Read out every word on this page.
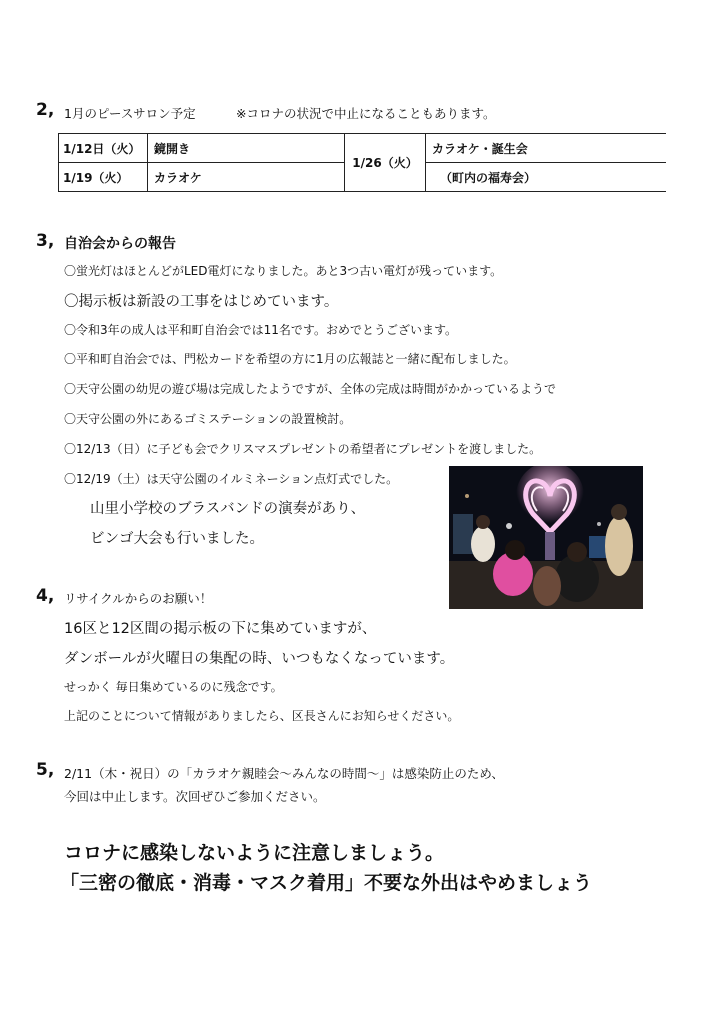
2, 1月のピースサロン予定	※コロナの状況で中止になることもあります。
1/12日（火）	鏡開き	1/26（火）	カラオケ・誕生会
1/19（火）	カラオケ		（町内の福寿会）
3, 自治会からの報告
〇蛍光灯はほとんどがLED電灯になりました。あと3つ古い電灯が残っています。
〇掲示板は新設の工事をはじめています。
〇令和3年の成人は平和町自治会では11名です。おめでとうございます。
〇平和町自治会では、門松カードを希望の方に1月の広報誌と一緒に配布しました。
〇天守公園の幼児の遊び場は完成したようですが、全体の完成は時間がかかっているようで
〇天守公園の外にあるゴミステーションの設置検討。
〇12/13（日）に子ども会でクリスマスプレゼントの希望者にプレゼントを渡しました。
〇12/19（土）は天守公園のイルミネーション点灯式でした。
山里小学校のブラスバンドの演奏があり、
ビンゴ大会も行いました。
4, リサイクルからのお願い！
16区と12区間の掲示板の下に集めていますが、
ダンボールが火曜日の集配の時、いつもなくなっています。
せっかく 毎日集めているのに残念です。
上記のことについて情報がありましたら、区長さんにお知らせください。
5, 2/11（木・祝日）の「カラオケ親睦会～みんなの時間～」は感染防止のため、
今回は中止します。次回ぜひご参加ください。
コロナに感染しないように注意しましょう。
「三密の徹底・消毒・マスク着用」不要な外出はやめましょう
